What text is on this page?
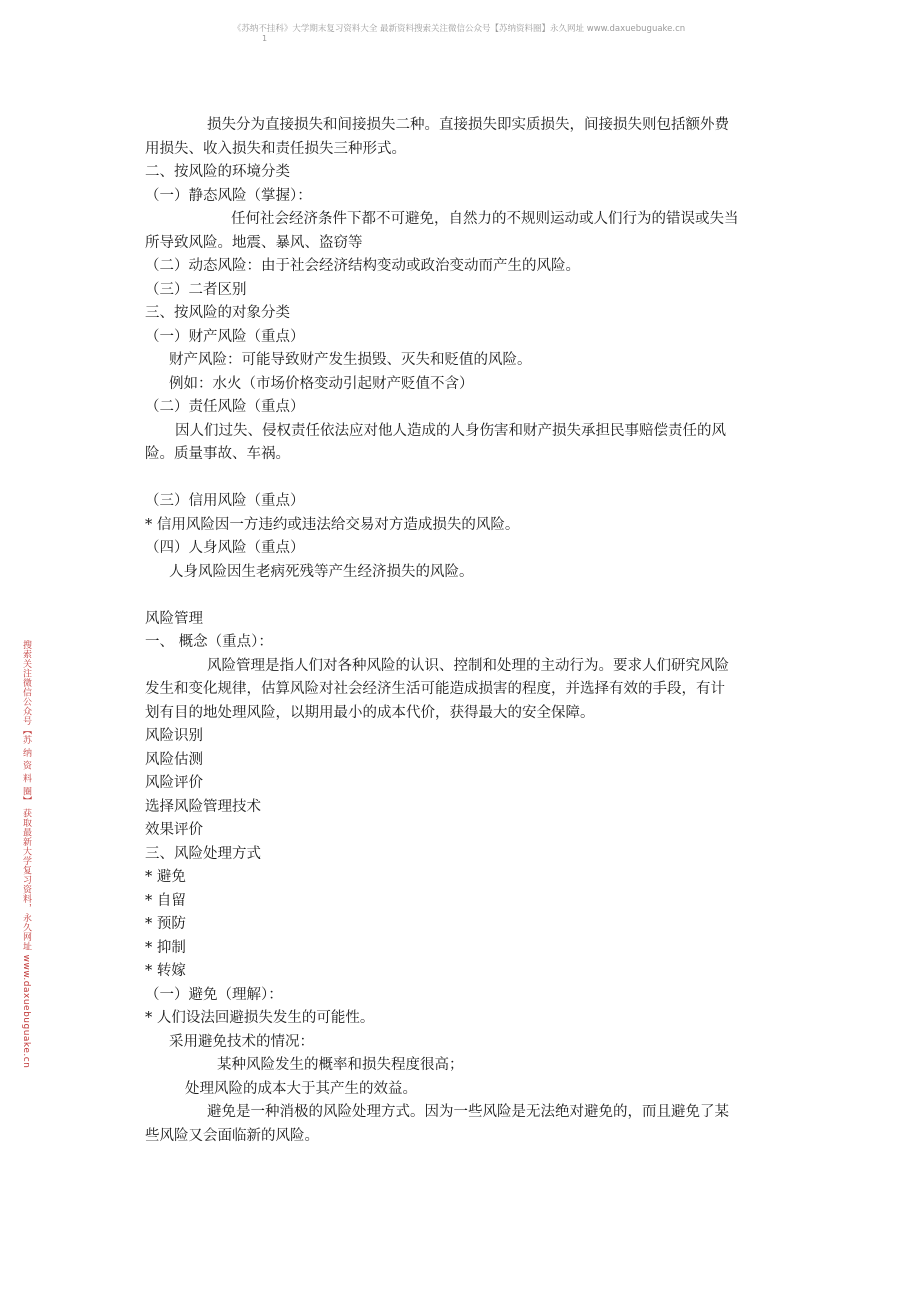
《苏纳不挂科》大学期末复习资料大全 最新资料搜索关注微信公众号【苏纳资料圈】永久网址 www.daxuebuguake.cn
1
搜索关注微信公众号【苏 纳 资 料 圈】 获取最新大学复习资料，永久网址 www.daxuebuguake.cn

损失分为直接损失和间接损失二种。直接损失即实质损失，间接损失则包括额外费

用损失、收入损失和责任损失三种形式。

二、按风险的环境分类

（一）静态风险（掌握）：

任何社会经济条件下都不可避免，自然力的不规则运动或人们行为的错误或失当

所导致风险。地震、暴风、盗窃等

（二）动态风险：由于社会经济结构变动或政治变动而产生的风险。

（三）二者区别

三、按风险的对象分类

（一）财产风险（重点）

财产风险：可能导致财产发生损毁、灭失和贬值的风险。

例如：水火（市场价格变动引起财产贬值不含）

（二）责任风险（重点）

因人们过失、侵权责任依法应对他人造成的人身伤害和财产损失承担民事赔偿责任的风

险。质量事故、车祸。

（三）信用风险（重点）

* 信用风险因一方违约或违法给交易对方造成损失的风险。

（四）人身风险（重点）

人身风险因生老病死残等产生经济损失的风险。

风险管理

一、 概念（重点）：

风险管理是指人们对各种风险的认识、控制和处理的主动行为。要求人们研究风险

发生和变化规律，估算风险对社会经济生活可能造成损害的程度，并选择有效的手段，有计

划有目的地处理风险，以期用最小的成本代价，获得最大的安全保障。

风险识别

风险估测

风险评价

选择风险管理技术

效果评价

三、风险处理方式

* 避免

* 自留

* 预防

* 抑制

* 转嫁

（一）避免（理解）：

* 人们设法回避损失发生的可能性。

采用避免技术的情况：

某种风险发生的概率和损失程度很高；

处理风险的成本大于其产生的效益。

避免是一种消极的风险处理方式。因为一些风险是无法绝对避免的，而且避免了某

些风险又会面临新的风险。
